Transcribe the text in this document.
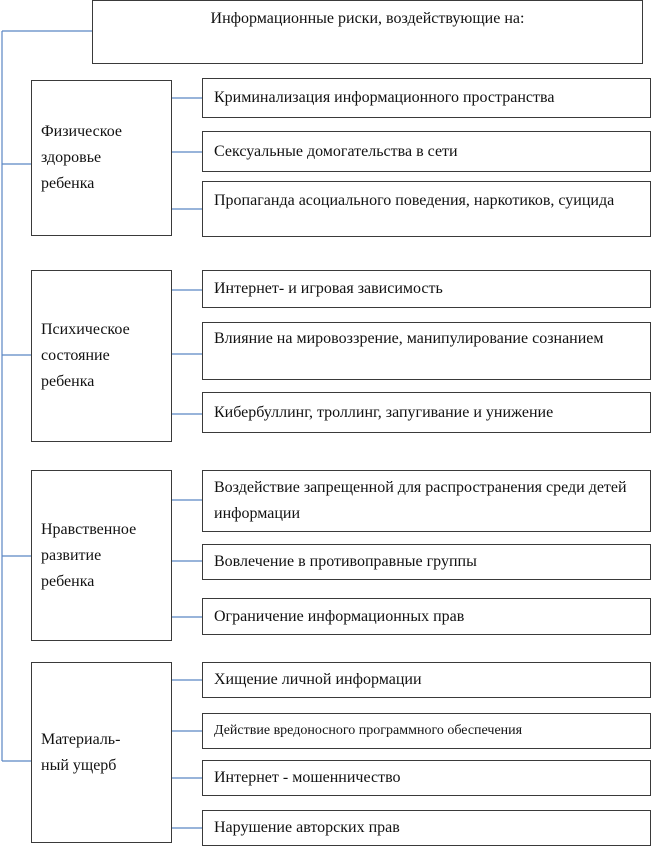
Информационные риски, воздействующие на:
Физическое
здоровье
ребенка
Криминализация информационного пространства
Сексуальные домогательства в сети
Пропаганда асоциального поведения, наркотиков, суицида
Психическое
состояние
ребенка
Интернет- и игровая зависимость
Влияние на мировоззрение, манипулирование сознанием
Кибербуллинг, троллинг, запугивание и унижение
Нравственное
развитие
ребенка
Воздействие запрещенной для распространения среди детей информации
Вовлечение в противоправные группы
Ограничение информационных прав
Материаль-
ный ущерб
Хищение личной информации
Действие вредоносного программного обеспечения
Интернет - мошенничество
Нарушение авторских прав
